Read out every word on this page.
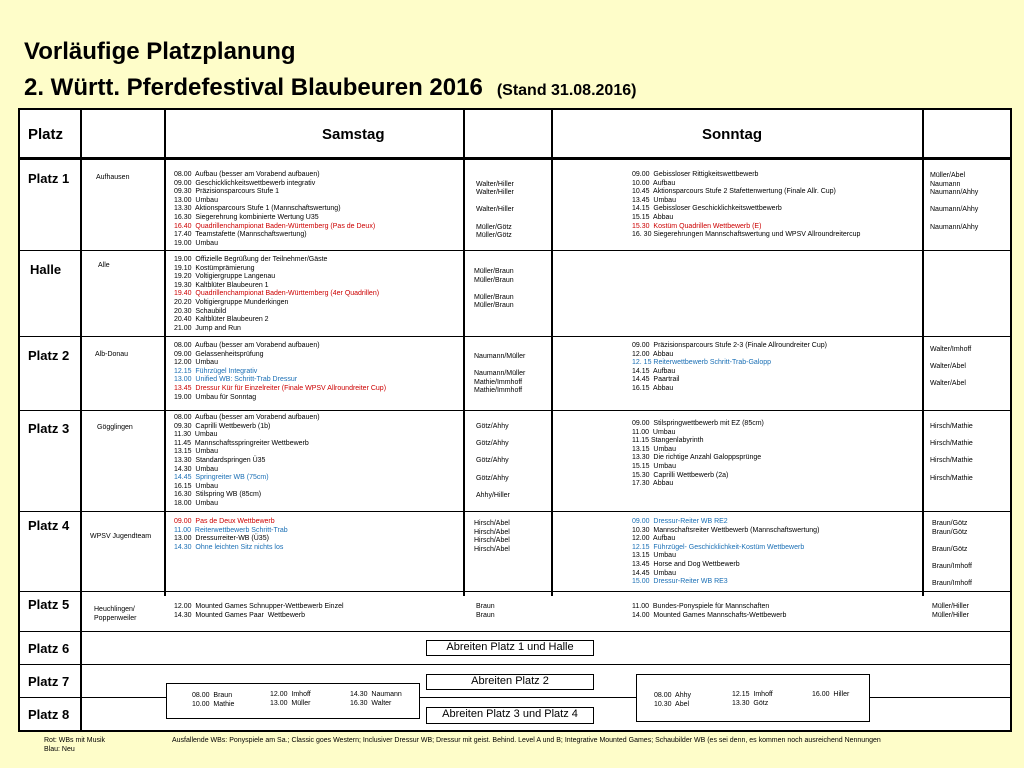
Vorläufige Platzplanung
2. Württ. Pferdefestival Blaubeuren 2016 (Stand 31.08.2016)
Platz	Samstag	Sonntag
Platz 1
Halle
Platz 2
Platz 3
Platz 4
Platz 5
Platz 6
Platz 7
Platz 8
Aufhausen
Alle
Alb-Donau
Gögglingen
WPSV Jugendteam
Heuchlingen/
Poppenweiler
08.00  Aufbau (besser am Vorabend aufbauen)
09.00  Geschicklichkeitswettbewerb integrativ
09.30  Präzisionsparcours Stufe 1
13.00  Umbau
13.30  Aktionsparcours Stufe 1 (Mannschaftswertung)
16.30  Siegerehrung kombinierte Wertung U35
16.40  Quadrillenchampionat Baden-Württemberg (Pas de Deux)
17.40  Teamstafette (Mannschaftswertung)
19.00  Umbau
19.00  Offizielle Begrüßung der Teilnehmer/Gäste
19.10  Kostümprämierung
19.20  Voltigiergruppe Langenau
19.30  Kaltblüter Blaubeuren 1
19.40  Quadrillenchampionat Baden-Württemberg (4er Quadrillen)
20.20  Voltigiergruppe Munderkingen
20.30  Schaubild
20.40  Kaltblüter Blaubeuren 2
21.00  Jump and Run
08.00  Aufbau (besser am Vorabend aufbauen)
09.00  Gelassenheitsprüfung
12.00  Umbau
12.15  Führzügel Integrativ
13.00  Unified WB: Schritt-Trab Dressur
13.45  Dressur Kür für Einzelreiter (Finale WPSV Allroundreiter Cup)
19.00  Umbau für Sonntag
08.00  Aufbau (besser am Vorabend aufbauen)
09.30  Caprilli Wettbewerb (1b)
11.30  Umbau
11.45  Mannschaftsspringreiter Wettbewerb
13.15  Umbau
13.30  Standardspringen Ü35
14.30  Umbau
14.45  Springreiter WB (75cm)
16.15  Umbau
16.30  Stilspring WB (85cm)
18.00  Umbau
09.00  Pas de Deux Wettbewerb
11.00  Reiterwettbewerb Schritt-Trab
13.00  Dressurreiter-WB (Ü35)
14.30  Ohne leichten Sitz nichts los
12.00  Mounted Games Schnupper-Wettbewerb Einzel
14.30  Mounted Games Paar  Wettbewerb
Walter/Hiller
Walter/Hiller
Walter/Hiller
Müller/Götz
Müller/Götz
Müller/Braun
Müller/Braun
Müller/Braun
Müller/Braun
Naumann/Müller
Naumann/Müller
Mathie/Immhoff
Mathie/Immhoff
Götz/Ahhy
Götz/Ahhy
Götz/Ahhy
Götz/Ahhy
Ahhy/Hiller
Hirsch/Abel
Hirsch/Abel
Hirsch/Abel
Hirsch/Abel
Braun
Braun
09.00  Gebissloser Rittigkeitswettbewerb
10.00  Aufbau
10.45  Aktionsparcours Stufe 2 Stafettenwertung (Finale Allr. Cup)
13.45  Umbau
14.15  Gebissloser Geschicklichkeitswettbewerb
15.15  Abbau
15.30  Kostüm Quadrillen Wettbewerb (E)
16. 30 Siegerehrungen Mannschaftswertung und WPSV Allroundreitercup
09.00  Präzisionsparcours Stufe 2-3 (Finale Allroundreiter Cup)
12.00  Abbau
12. 15 Reiterwettbewerb Schritt-Trab-Galopp
14.15  Aufbau
14.45  Paartrail
16.15  Abbau
09.00  Stilspringwettbewerb mit EZ (85cm)
11.00  Umbau
11.15 Stangenlabyrinth
13.15  Umbau
13.30  Die richtige Anzahl Galoppsprünge
15.15  Umbau
15.30  Caprilli Wettbewerb (2a)
17.30  Abbau
09.00  Dressur-Reiter WB RE2
10.30  Mannschaftsreiter Wettbewerb (Mannschaftswertung)
12.00  Aufbau
12.15  Führzügel- Geschicklichkeit-Kostüm Wettbewerb
13.15  Umbau
13.45  Horse and Dog Wettbewerb
14.45  Umbau
15.00  Dressur-Reiter WB RE3
11.00  Bundes-Ponyspiele für Mannschaften
14.00  Mounted Games Mannschafts-Wettbewerb
Müller/Abel
Naumann
Naumann/Ahhy
Naumann/Ahhy
Naumann/Ahhy
Walter/Imhoff
Walter/Abel
Walter/Abel
Hirsch/Mathie
Hirsch/Mathie
Hirsch/Mathie
Hirsch/Mathie
Braun/Götz
Braun/Götz
Braun/Götz
Braun/Imhoff
Braun/Imhoff
Müller/Hiller
Müller/Hiller
Abreiten Platz 1 und Halle
Abreiten Platz 2
Abreiten Platz 3 und Platz 4
08.00  Braun
10.00  Mathie
12.00  Imhoff
13.00  Müller
14.30  Naumann
16.30  Walter
08.00  Ahhy
10.30  Abel
12.15  Imhoff
13.30  Götz
16.00  Hiller
Rot: WBs mit Musik
Blau: Neu
Ausfallende WBs: Ponyspiele am Sa.; Classic goes Western; Inclusiver Dressur WB; Dressur mit geist. Behind. Level A und B; Integrative Mounted Games; Schaubilder WB (es sei denn, es kommen noch ausreichend Nennungen
